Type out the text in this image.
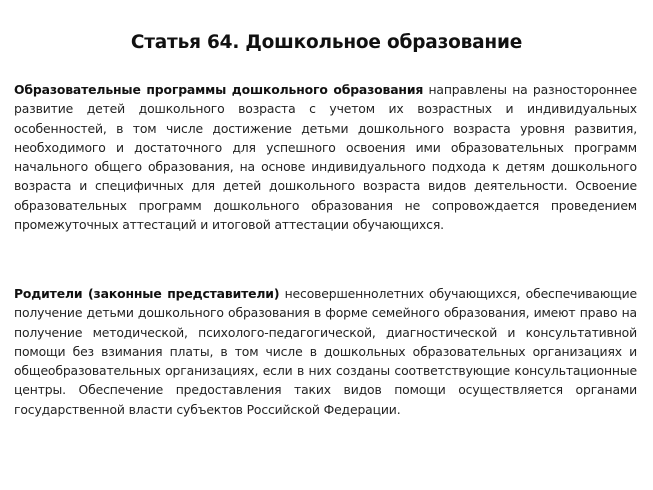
Статья 64. Дошкольное образование

Образовательные программы дошкольного образования направлены на разностороннее развитие детей дошкольного возраста с учетом их возрастных и индивидуальных особенностей, в том числе достижение детьми дошкольного возраста уровня развития, необходимого и достаточного для успешного освоения ими образовательных программ начального общего образования, на основе индивидуального подхода к детям дошкольного возраста и специфичных для детей дошкольного возраста видов деятельности. Освоение образовательных программ дошкольного образования не сопровождается проведением промежуточных аттестаций и итоговой аттестации обучающихся.

Родители (законные представители) несовершеннолетних обучающихся, обеспечивающие получение детьми дошкольного образования в форме семейного образования, имеют право на получение методической, психолого-педагогической, диагностической и консультативной помощи без взимания платы, в том числе в дошкольных образовательных организациях и общеобразовательных организациях, если в них созданы соответствующие консультационные центры. Обеспечение предоставления таких видов помощи осуществляется органами государственной власти субъектов Российской Федерации.
